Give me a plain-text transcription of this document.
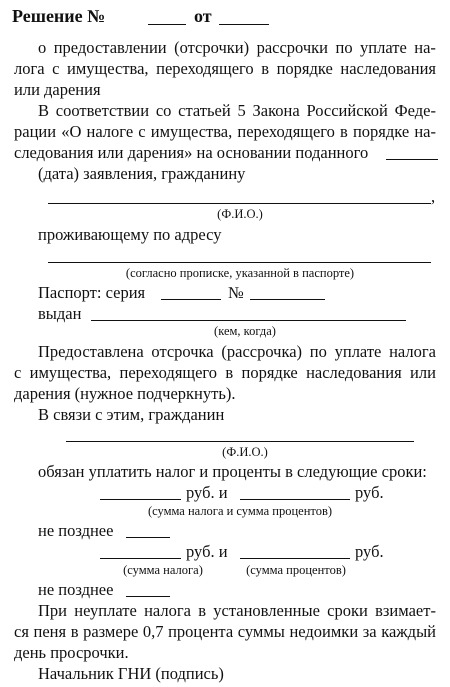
Решение №	от
о предоставлении (отсрочки) рассрочки по уплате на-
лога с имущества, переходящего в порядке наследования
или дарения
В соответствии со статьей 5 Закона Российской Феде-
рации «О налоге с имущества, переходящего в порядке на-
следования или дарения» на основании поданного
(дата) заявления, гражданину
,
(Ф.И.О.)
проживающему по адресу
(согласно прописке, указанной в паспорте)
Паспорт: серия	№
выдан
(кем, когда)
Предоставлена отсрочка (рассрочка) по уплате налога
с имущества, переходящего в порядке наследования или
дарения (нужное подчеркнуть).
В связи с этим, гражданин
(Ф.И.О.)
обязан уплатить налог и проценты в следующие сроки:
руб. и	руб.
(сумма налога и сумма процентов)
не позднее
руб. и	руб.
(сумма налога)	(сумма процентов)
не позднее
При неуплате налога в установленные сроки взимает-
ся пеня в размере 0,7 процента суммы недоимки за каждый
день просрочки.
Начальник ГНИ (подпись)
